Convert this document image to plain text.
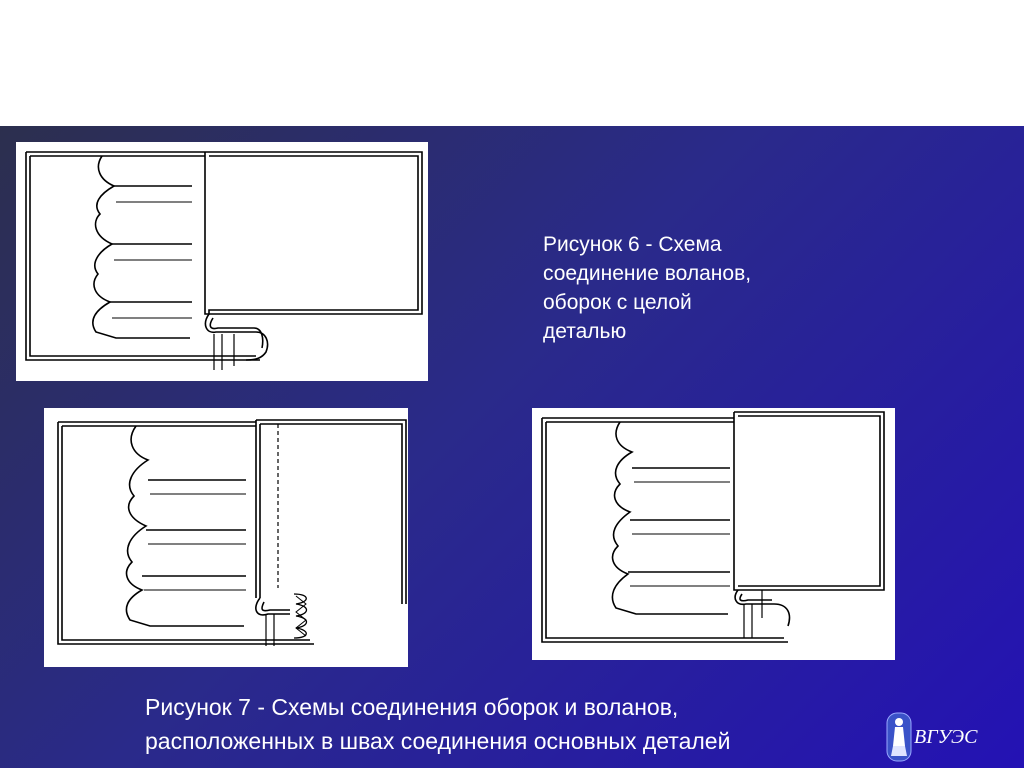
Рисунок 6 - Схема
соединение воланов,
оборок с целой
деталью
Рисунок 7 - Схемы соединения оборок и воланов,
расположенных в швах соединения основных деталей	ВГУЭС
